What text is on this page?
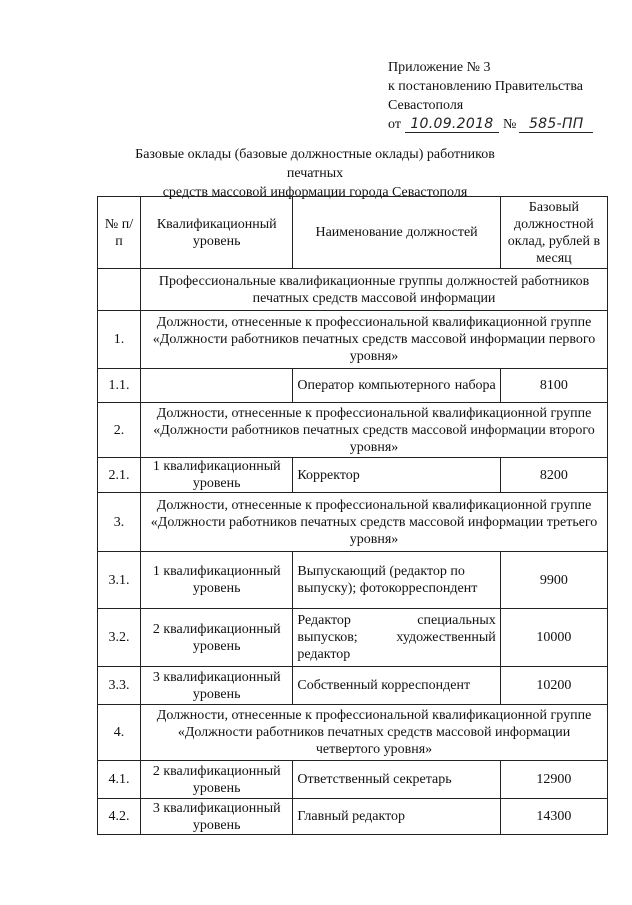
Приложение № 3
к постановлению Правительства
Севастополя
от 10.09.2018 № 585-ПП
Базовые оклады (базовые должностные оклады) работников печатных
средств массовой информации города Севастополя
№ п/п	Квалификационный уровень	Наименование должностей	Базовый должностной оклад, рублей в месяц
	Профессиональные квалификационные группы должностей работников печатных средств массовой информации		
1.	Должности, отнесенные к профессиональной квалификационной группе «Должности работников печатных средств массовой информации первого уровня»		
1.1.		Оператор компьютерного набора	8100
2.	Должности, отнесенные к профессиональной квалификационной группе «Должности работников печатных средств массовой информации второго уровня»		
2.1.	1 квалификационный уровень	Корректор	8200
3.	Должности, отнесенные к профессиональной квалификационной группе «Должности работников печатных средств массовой информации третьего уровня»		
3.1.	1 квалификационный уровень	Выпускающий (редактор по выпуску); фотокорреспондент	9900
3.2.	2 квалификационный уровень	Редактор специальных выпусков; художественный редактор	10000
3.3.	3 квалификационный уровень	Собственный корреспондент	10200
4.	Должности, отнесенные к профессиональной квалификационной группе «Должности работников печатных средств массовой информации четвертого уровня»		
4.1.	2 квалификационный уровень	Ответственный секретарь	12900
4.2.	3 квалификационный уровень	Главный редактор	14300
